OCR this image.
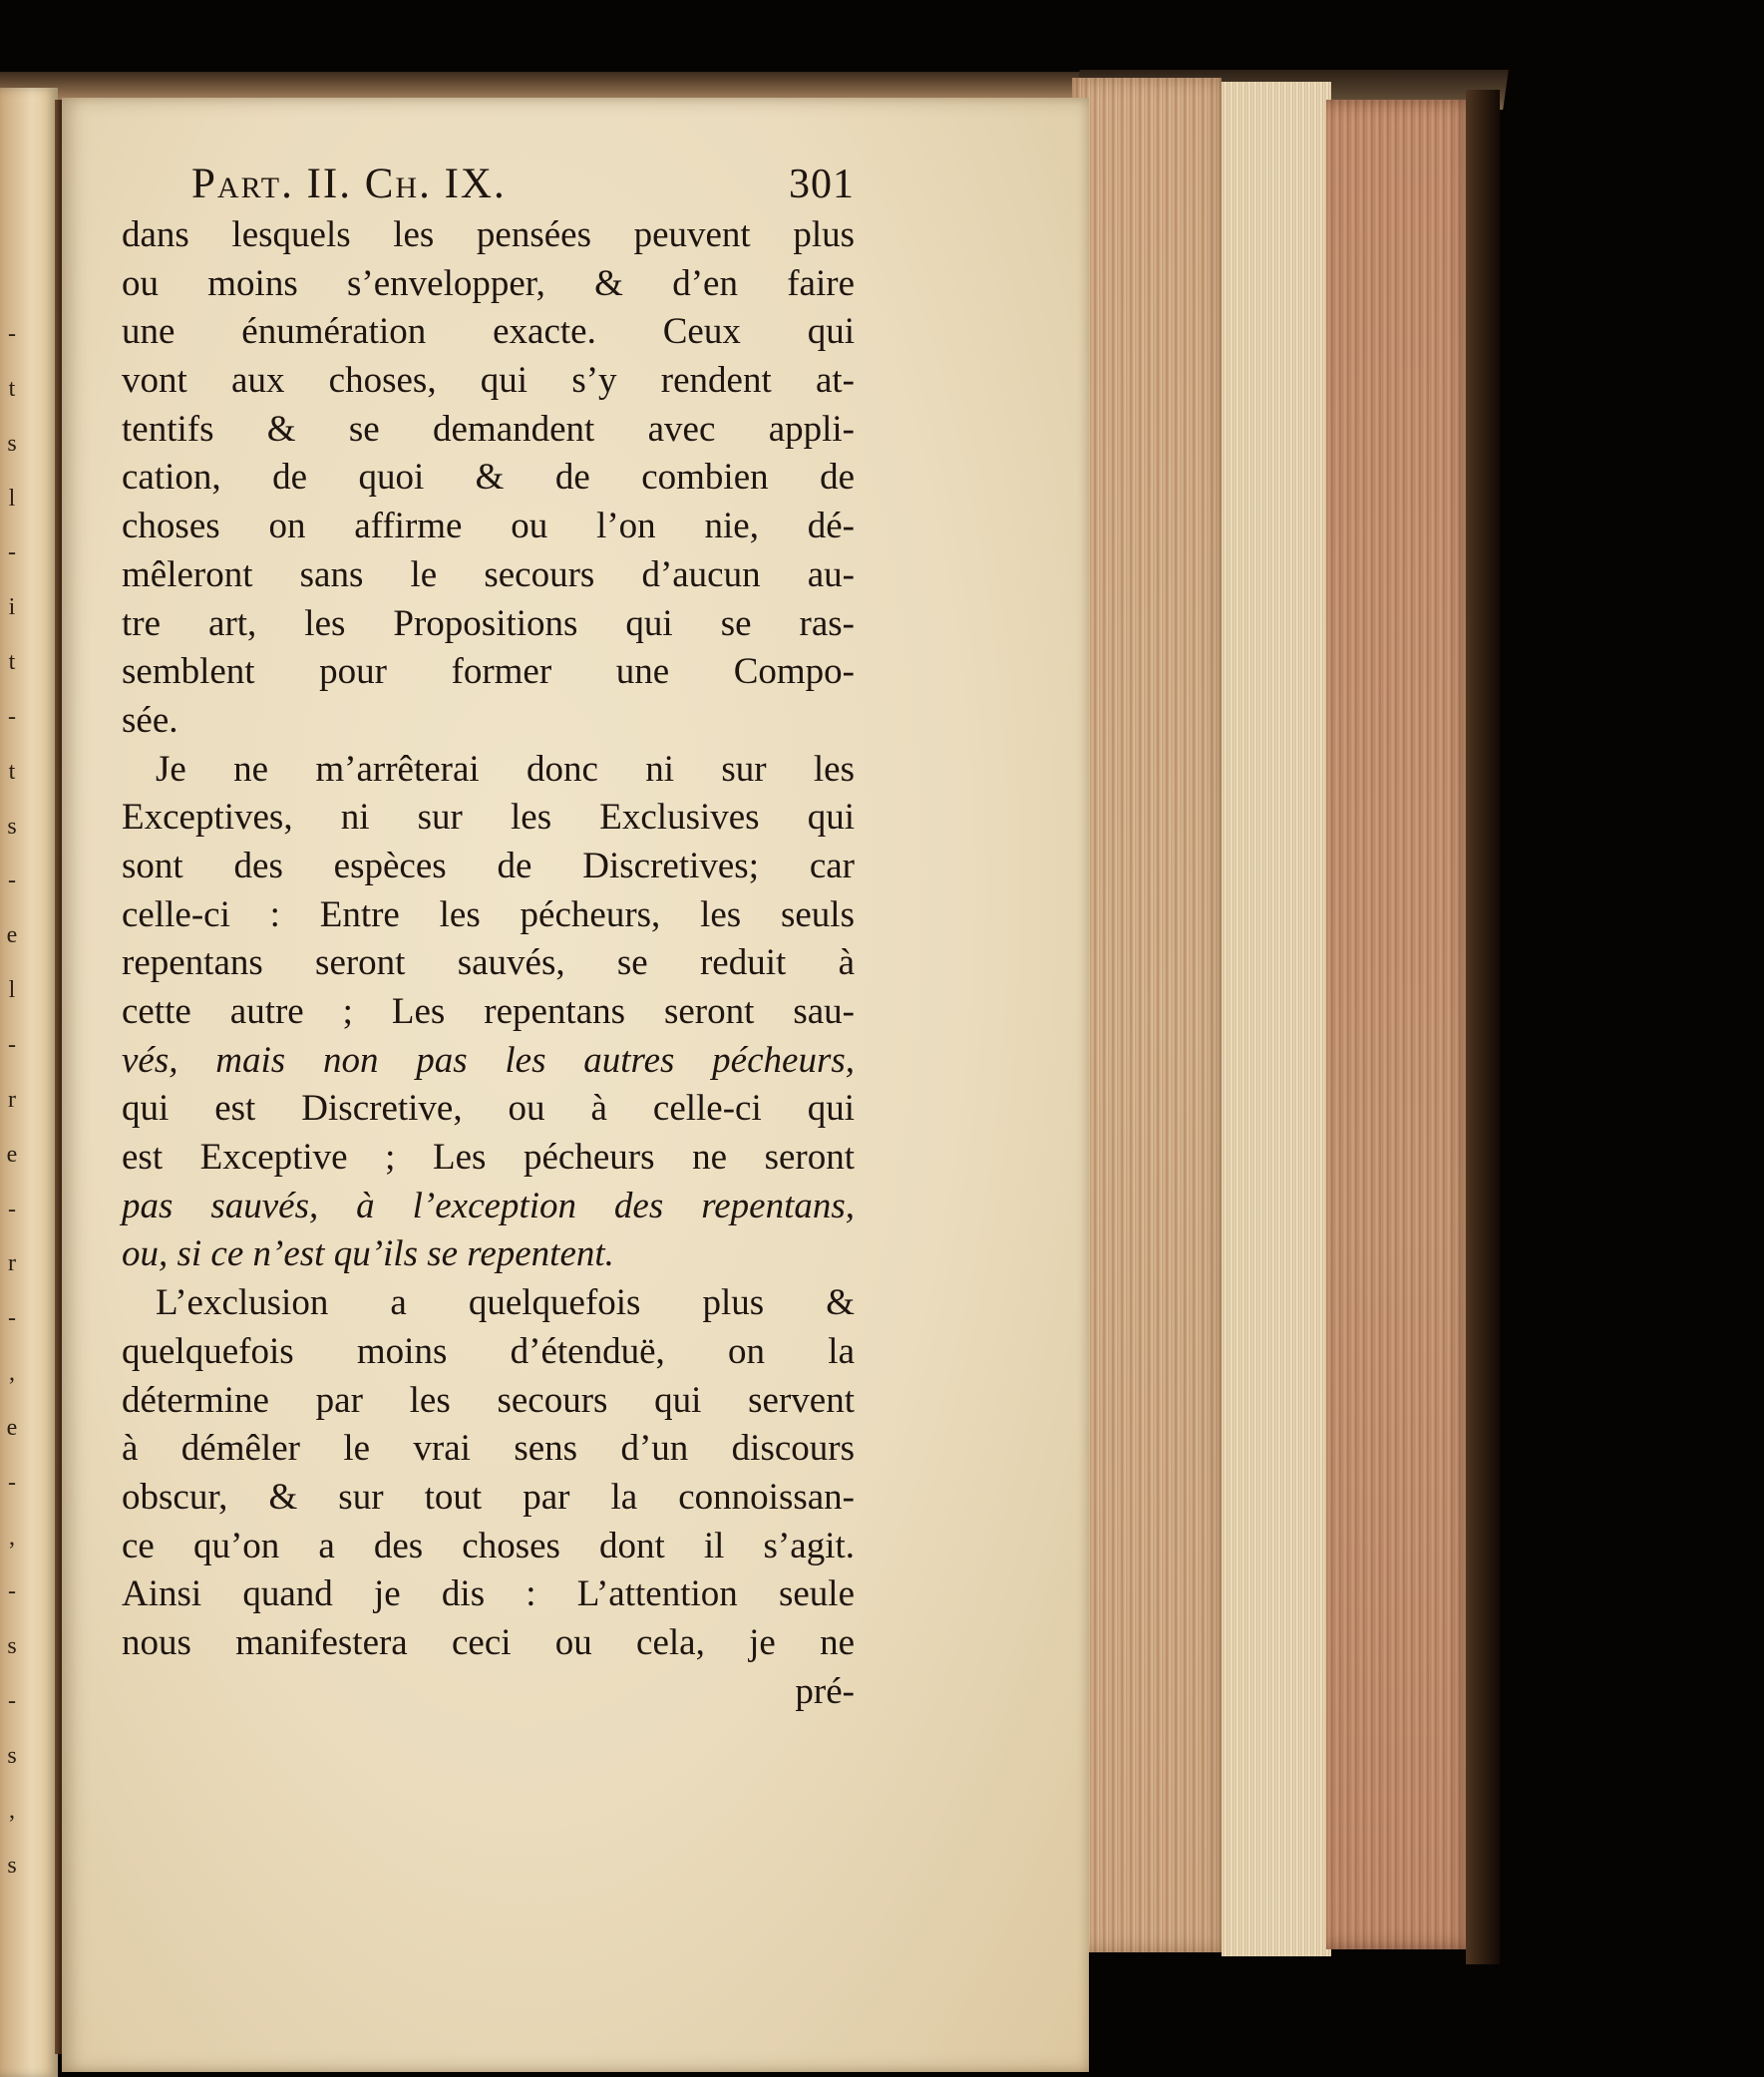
-
t
s
l
-
i
t
-
t
s
-
e
l
-
r
e
-
r
-
,
e
-
,
-
s
-
s
,
s
Part. II. Ch. IX.	301
dans lesquels les pensées peuvent plus
ou moins s’envelopper, & d’en faire
une énumération exacte. Ceux qui
vont aux choses, qui s’y rendent at-
tentifs & se demandent avec appli-
cation, de quoi & de combien de
choses on affirme ou l’on nie, dé-
mêleront sans le secours d’aucun au-
tre art, les Propositions qui se ras-
semblent pour former une Compo-
sée.
Je ne m’arrêterai donc ni sur les
Exceptives, ni sur les Exclusives qui
sont des espèces de Discretives; car
celle-ci : Entre les pécheurs, les seuls
repentans seront sauvés, se reduit à
cette autre ; Les repentans seront sau-
vés, mais non pas les autres pécheurs,
qui est Discretive, ou à celle-ci qui
est Exceptive ; Les pécheurs ne seront
pas sauvés, à l’exception des repentans,
ou, si ce n’est qu’ils se repentent.
L’exclusion a quelquefois plus &
quelquefois moins d’étenduë, on la
détermine par les secours qui servent
à démêler le vrai sens d’un discours
obscur, & sur tout par la connoissan-
ce qu’on a des choses dont il s’agit.
Ainsi quand je dis : L’attention seule
nous manifestera ceci ou cela, je ne
pré-
